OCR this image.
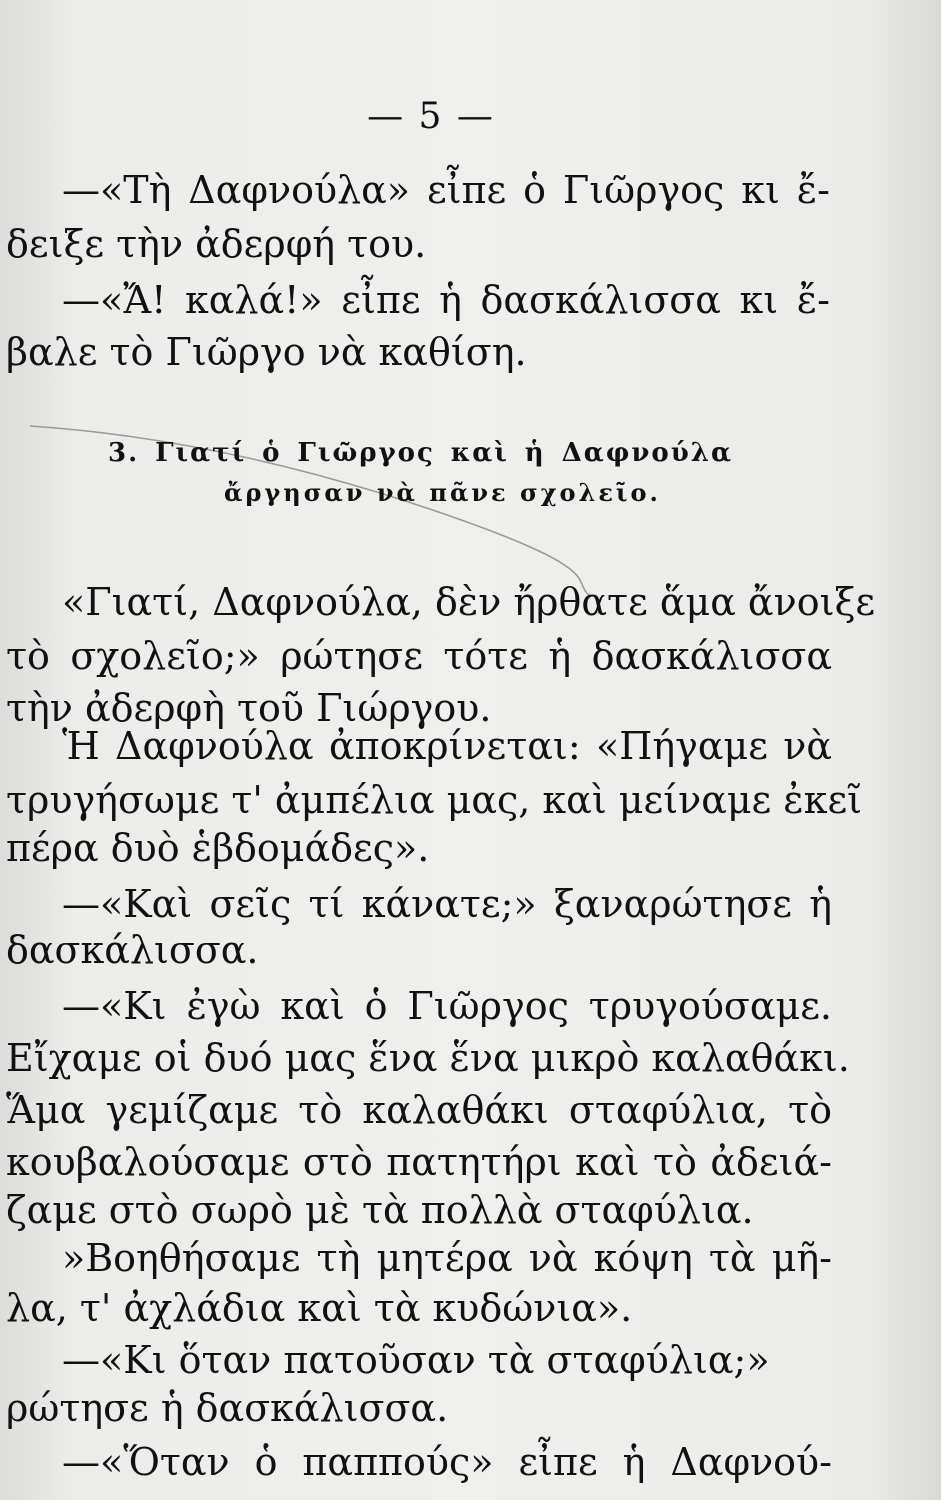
— 5 —
—«Τὴ Δαφνούλα» εἶπε ὁ Γιῶργος κι ἔ-
δειξε τὴν ἀδερφή του.
—«Ἄ! καλά!» εἶπε ἡ δασκάλισσα κι ἔ-
βαλε τὸ Γιῶργο νὰ καθίση.
3. Γιατί ὁ Γιῶργος καὶ ἡ Δαφνούλα
ἄργησαν νὰ πᾶνε σχολεῖο.
«Γιατί, Δαφνούλα, δὲν ἤρθατε ἅμα ἄνοιξε
τὸ σχολεῖο;» ρώτησε τότε ἡ δασκάλισσα
τὴν ἀδερφὴ τοῦ Γιώργου.
Ἡ Δαφνούλα ἀποκρίνεται: «Πήγαμε νὰ
τρυγήσωμε τ' ἀμπέλια μας, καὶ μείναμε ἐκεῖ
πέρα δυὸ ἑβδομάδες».
—«Καὶ σεῖς τί κάνατε;» ξαναρώτησε ἡ
δασκάλισσα.
—«Κι ἐγὼ καὶ ὁ Γιῶργος τρυγούσαμε.
Εἴχαμε οἱ δυό μας ἕνα ἕνα μικρὸ καλαθάκι.
Ἅμα γεμίζαμε τὸ καλαθάκι σταφύλια, τὸ
κουβαλούσαμε στὸ πατητήρι καὶ τὸ ἀδειά-
ζαμε στὸ σωρὸ μὲ τὰ πολλὰ σταφύλια.
»Βοηθήσαμε τὴ μητέρα νὰ κόψη τὰ μῆ-
λα, τ' ἀχλάδια καὶ τὰ κυδώνια».
—«Κι ὅταν πατοῦσαν τὰ σταφύλια;»
ρώτησε ἡ δασκάλισσα.
—«Ὅταν ὁ παππούς» εἶπε ἡ Δαφνού-
